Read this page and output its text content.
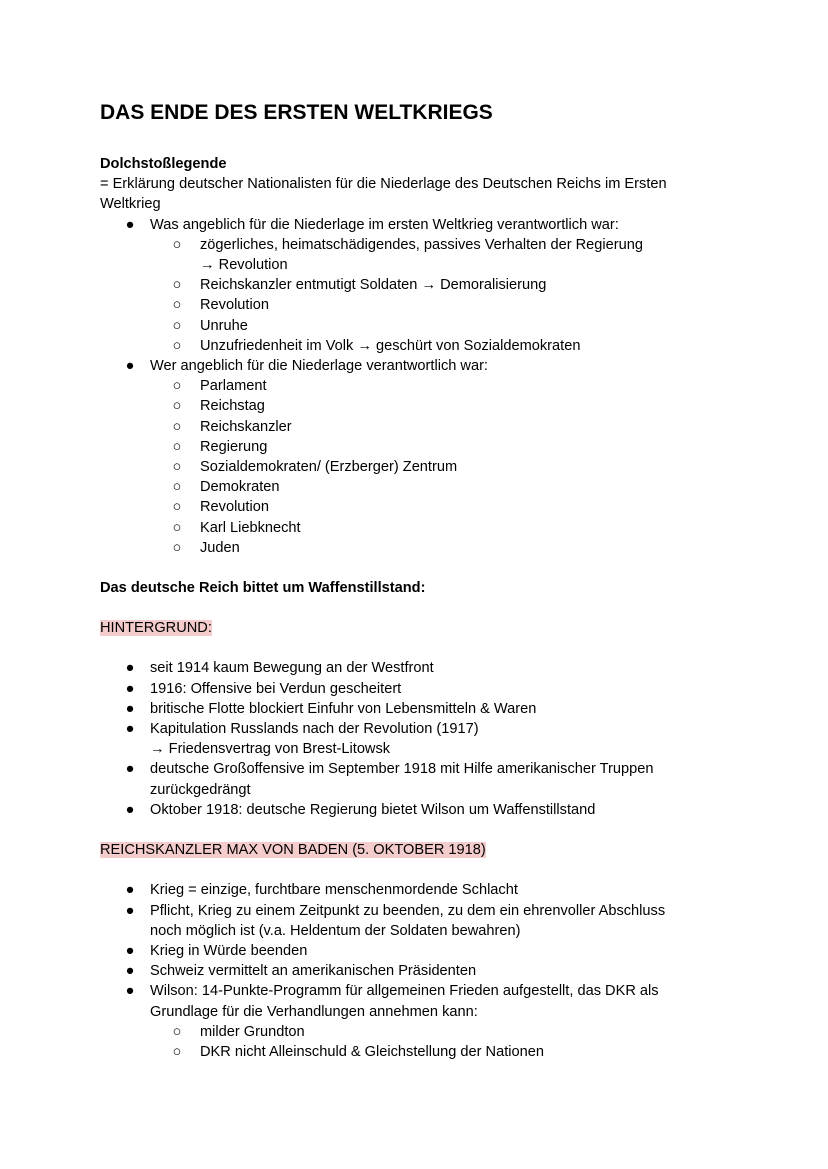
DAS ENDE DES ERSTEN WELTKRIEGS

Dolchstoßlegende

= Erklärung deutscher Nationalisten für die Niederlage des Deutschen Reichs im Ersten Weltkrieg

● Was angeblich für die Niederlage im ersten Weltkrieg verantwortlich war:
○ zögerliches, heimatschädigendes, passives Verhalten der Regierung
→ Revolution
○ Reichskanzler entmutigt Soldaten → Demoralisierung
○ Revolution
○ Unruhe
○ Unzufriedenheit im Volk → geschürt von Sozialdemokraten
● Wer angeblich für die Niederlage verantwortlich war:
○ Parlament
○ Reichstag
○ Reichskanzler
○ Regierung
○ Sozialdemokraten/ (Erzberger) Zentrum
○ Demokraten
○ Revolution
○ Karl Liebknecht
○ Juden

Das deutsche Reich bittet um Waffenstillstand:

HINTERGRUND:

● seit 1914 kaum Bewegung an der Westfront
● 1916: Offensive bei Verdun gescheitert
● britische Flotte blockiert Einfuhr von Lebensmitteln & Waren
● Kapitulation Russlands nach der Revolution (1917)
→ Friedensvertrag von Brest-Litowsk
● deutsche Großoffensive im September 1918 mit Hilfe amerikanischer Truppen
zurückgedrängt
● Oktober 1918: deutsche Regierung bietet Wilson um Waffenstillstand

REICHSKANZLER MAX VON BADEN (5. OKTOBER 1918)

● Krieg = einzige, furchtbare menschenmordende Schlacht
● Pflicht, Krieg zu einem Zeitpunkt zu beenden, zu dem ein ehrenvoller Abschluss
noch möglich ist (v.a. Heldentum der Soldaten bewahren)
● Krieg in Würde beenden
● Schweiz vermittelt an amerikanischen Präsidenten
● Wilson: 14-Punkte-Programm für allgemeinen Frieden aufgestellt, das DKR als
Grundlage für die Verhandlungen annehmen kann:
○ milder Grundton
○ DKR nicht Alleinschuld & Gleichstellung der Nationen
